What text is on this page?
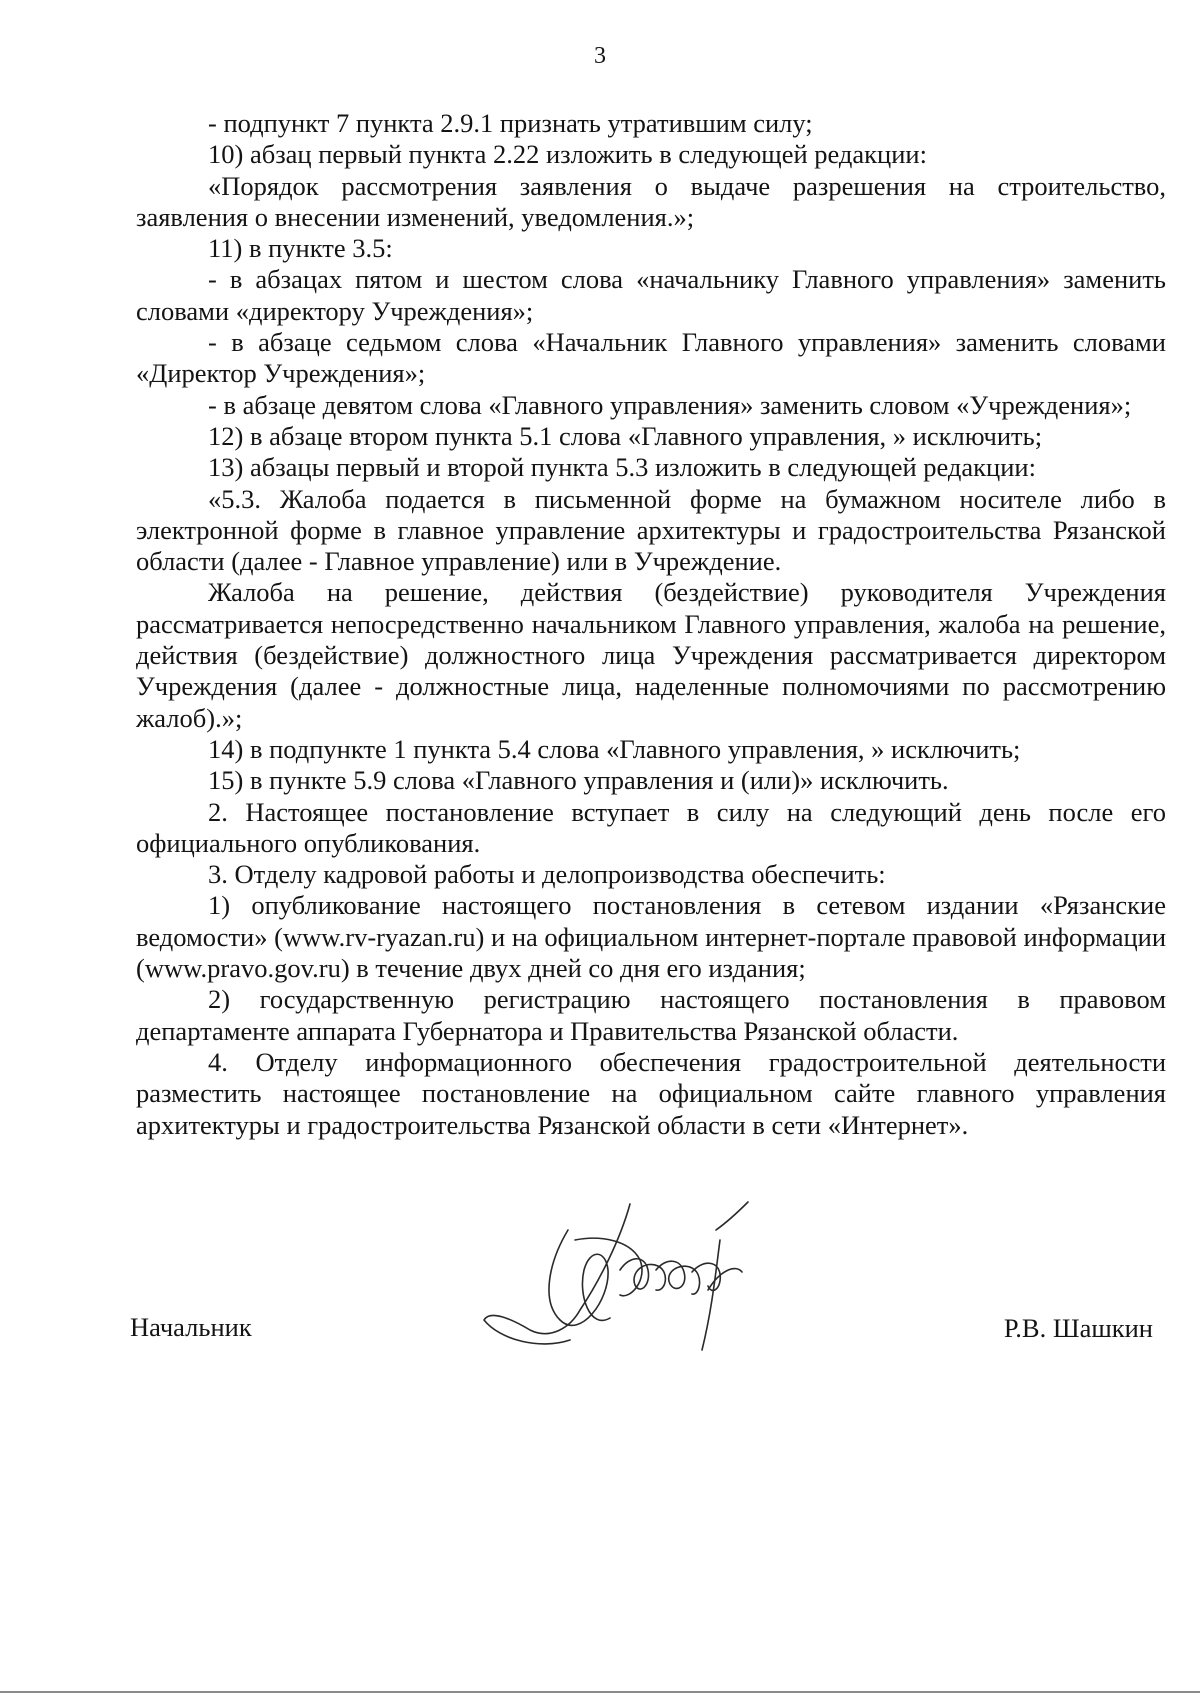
3

- подпункт 7 пункта 2.9.1 признать утратившим силу;

10) абзац первый пункта 2.22 изложить в следующей редакции:

«Порядок рассмотрения заявления о выдаче разрешения на строительство, заявления о внесении изменений, уведомления.»;

11) в пункте 3.5:

- в абзацах пятом и шестом слова «начальнику Главного управления» заменить словами «директору Учреждения»;

- в абзаце седьмом слова «Начальник Главного управления» заменить словами «Директор Учреждения»;

- в абзаце девятом слова «Главного управления» заменить словом «Учреждения»;

12) в абзаце втором пункта 5.1 слова «Главного управления, » исключить;

13) абзацы первый и второй пункта 5.3 изложить в следующей редакции:

«5.3. Жалоба подается в письменной форме на бумажном носителе либо в электронной форме в главное управление архитектуры и градостроительства Рязанской области (далее - Главное управление) или в Учреждение.

Жалоба на решение, действия (бездействие) руководителя Учреждения рассматривается непосредственно начальником Главного управления, жалоба на решение, действия (бездействие) должностного лица Учреждения рассматривается директором Учреждения (далее - должностные лица, наделенные полномочиями по рассмотрению жалоб).»;

14) в подпункте 1 пункта 5.4 слова «Главного управления, » исключить;

15) в пункте 5.9 слова «Главного управления и (или)» исключить.

2. Настоящее постановление вступает в силу на следующий день после его официального опубликования.

3. Отделу кадровой работы и делопроизводства обеспечить:

1) опубликование настоящего постановления в сетевом издании «Рязанские ведомости» (www.rv-ryazan.ru) и на официальном интернет-портале правовой информации (www.pravo.gov.ru) в течение двух дней со дня его издания;

2) государственную регистрацию настоящего постановления в правовом департаменте аппарата Губернатора и Правительства Рязанской области.

4. Отделу информационного обеспечения градостроительной деятельности разместить настоящее постановление на официальном сайте главного управления архитектуры и градостроительства Рязанской области в сети «Интернет».

Начальник	Р.В. Шашкин
